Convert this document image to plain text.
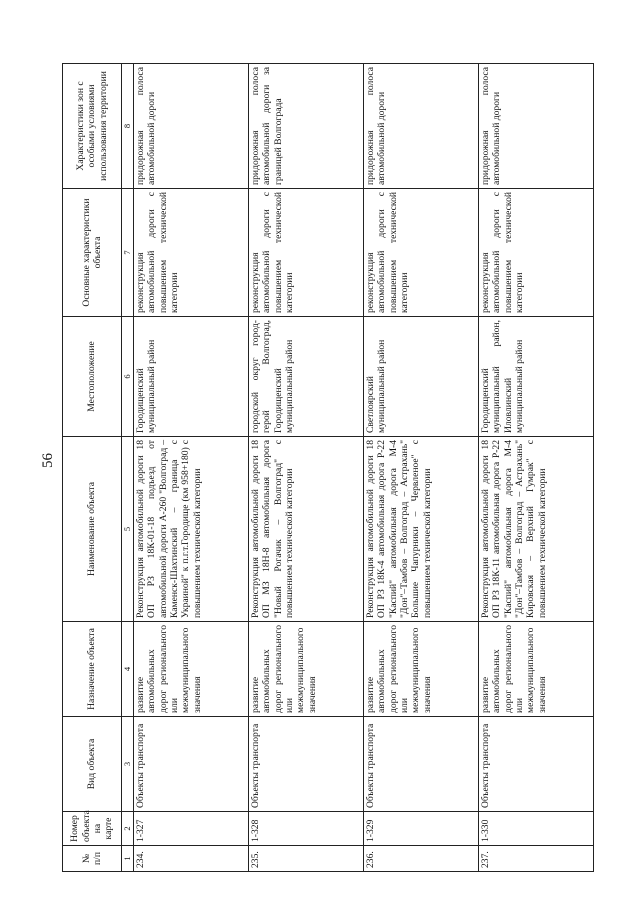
56
№ п/п	Номер объекта на карте	Вид объекта	Назначение объекта	Наименование объекта	Местоположение	Основные характеристики объекта	Характеристики зон с особыми условиями использования территории
1	2	3	4	5	6	7	8
234.	1-327	Объекты транспорта	развитие автомобильных дорог регионального или межмуниципального значения	Реконструкция автомобильной дороги 18 ОП РЗ 18К-01-18 подъезд от автомобильной дороги А-260 "Волгоград – Каменск-Шахтинский – граница с Украиной" к п.г.т.Городище (км 958+180) с повышением технической категории	Городищенский муниципальный район	реконструкция автомобильной дороги с повышением технической категории	придорожная полоса автомобильной дороги
235.	1-328	Объекты транспорта	развитие автомобильных дорог регионального или межмуниципального значения	Реконструкция автомобильной дороги 18 ОП МЗ 18Н-8 автомобильная дорога "Новый Рогачик – Волгоград" с повышением технической категории	городской округ город-герой Волгоград, Городищенский муниципальный район	реконструкция автомобильной дороги с повышением технической категории	придорожная полоса автомобильной дороги за границей Волгограда
236.	1-329	Объекты транспорта	развитие автомобильных дорог регионального или межмуниципального значения	Реконструкция автомобильной дороги 18 ОП РЗ 18К-4 автомобильная дорога Р-22 "Каспий" автомобильная дорога М-4 "Дон"–Тамбов – Волгоград – Астрахань" Большие Чапурники – Червленое" с повышением технической категории	Светлоярский муниципальный район	реконструкция автомобильной дороги с повышением технической категории	придорожная полоса автомобильной дороги
237.	1-330	Объекты транспорта	развитие автомобильных дорог регионального или межмуниципального значения	Реконструкция автомобильной дороги 18 ОП РЗ 18К-11 автомобильная дорога Р-22 "Каспий" автомобильная дорога М-4 "Дон"–Тамбов – Волгоград – Астрахань" Кировская – Верхний Гумрак" с повышением технической категории	Городищенский муниципальный район, Иловлинский муниципальный район	реконструкция автомобильной дороги с повышением технической категории	придорожная полоса автомобильной дороги
